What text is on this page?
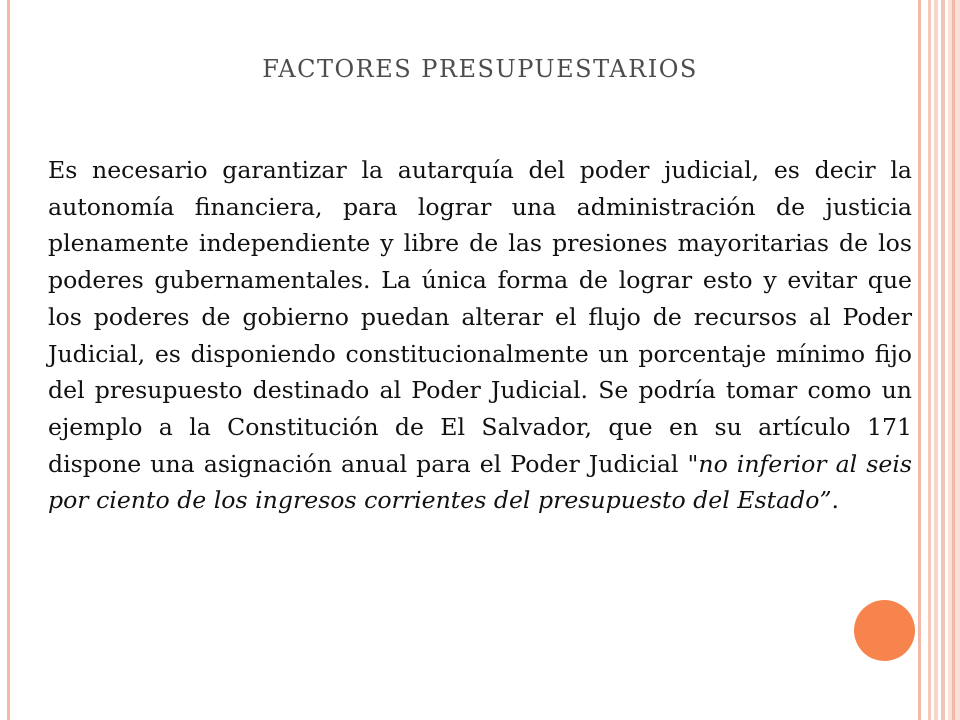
FACTORES PRESUPUESTARIOS
Es necesario garantizar la autarquía del poder judicial, es decir la autonomía financiera, para lograr una administración de justicia plenamente independiente y libre de las presiones mayoritarias de los poderes gubernamentales. La única forma de lograr esto y evitar que los poderes de gobierno puedan alterar el flujo de recursos al Poder Judicial, es disponiendo constitucionalmente un porcentaje mínimo fijo del presupuesto destinado al Poder Judicial. Se podría tomar como un ejemplo a la Constitución de El Salvador, que en su artículo 171 dispone una asignación anual para el Poder Judicial "no inferior al seis por ciento de los ingresos corrientes del presupuesto del Estado”.
